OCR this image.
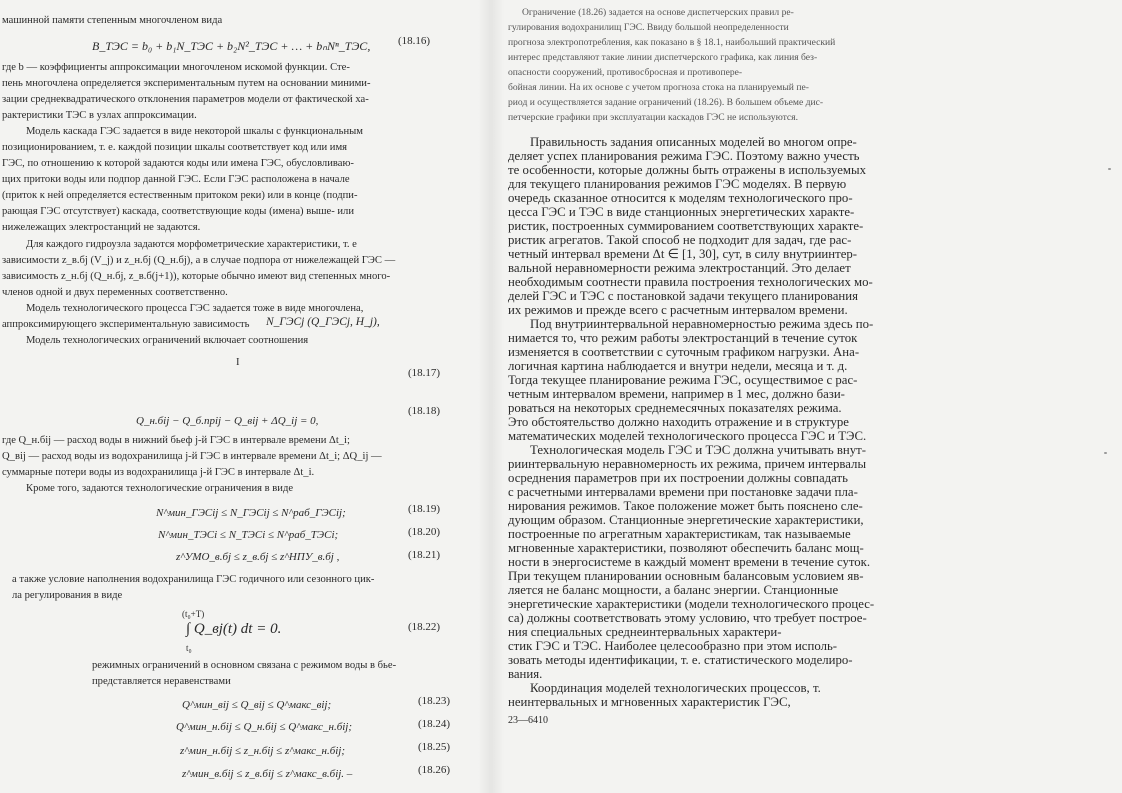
машинной памяти степенным многочленом вида
B_ТЭС = b₀ + b₁N_ТЭС + b₂N²_ТЭС + … + bₙNⁿ_ТЭС,	(18.16)
где b — коэффициенты аппроксимации многочленом искомой функции. Сте-
пень многочлена определяется экспериментальным путем на основании миними-
зации среднеквадратического отклонения параметров модели от фактической ха-
рактеристики ТЭС в узлах аппроксимации.
Модель каскада ГЭС задается в виде некоторой шкалы с функциональным
позиционированием, т. е. каждой позиции шкалы соответствует код или имя
ГЭС, по отношению к которой задаются коды или имена ГЭС, обусловливаю-
щих притоки воды или подпор данной ГЭС. Если ГЭС расположена в начале
(приток к ней определяется естественным притоком реки) или в конце (подпи-
рающая ГЭС отсутствует) каскада, соответствующие коды (имена) выше- или
нижележащих электростанций не задаются.
Для каждого гидроузла задаются морфометрические характеристики, т. е
зависимости z_в.бj (V_j) и z_н.бj (Q_н.бj), а в случае подпора от нижележащей ГЭС —
зависимость z_н.бj (Q_н.бj, z_в.б(j+1)), которые обычно имеют вид степенных много-
членов одной и двух переменных соответственно.
Модель технологического процесса ГЭС задается тоже в виде многочлена,
аппроксимирующего экспериментальную зависимость N_ГЭСj (Q_ГЭСj, H_j),
Модель технологических ограничений включает соотношения
I
(18.17)
(18.18)
Q_н.бij − Q_б.прij − Q_вij + ΔQ_ij = 0,
где Q_н.бij — расход воды в нижний бьеф j-й ГЭС в интервале времени Δt_i;
Q_вij — расход воды из водохранилища j-й ГЭС в интервале времени Δt_i; ΔQ_ij —
суммарные потери воды из водохранилища j-й ГЭС в интервале Δt_i.
Кроме того, задаются технологические ограничения в виде
N^мин_ГЭСij ≤ N_ГЭСij ≤ N^раб_ГЭСij;	(18.19)
N^мин_ТЭСi ≤ N_ТЭСi ≤ N^раб_ТЭСi;	(18.20)
z^УМО_в.бj ≤ z_в.бj ≤ z^НПУ_в.бj ,	(18.21)
а также условие наполнения водохранилища ГЭС годичного или сезонного цик-
ла регулирования в виде
(t₀+T)
∫ Q_вj(t) dt = 0.
t₀
(18.22)
режимных ограничений в основном связана с режимом воды в бье-
представляется неравенствами
Q^мин_вij ≤ Q_вij ≤ Q^макс_вij;	(18.23)
Q^мин_н.бij ≤ Q_н.бij ≤ Q^макс_н.бij;	(18.24)
z^мин_н.бij ≤ z_н.бij ≤ z^макс_н.бij;	(18.25)
z^мин_в.бij ≤ z_в.бij ≤ z^макс_в.бij. –	(18.26)
Ограничение (18.26) задается на основе диспетчерских правил ре-
гулирования водохранилищ ГЭС. Ввиду большой неопределенности
прогноза электропотребления, как показано в § 18.1, наибольший практический
интерес представляют такие линии диспетчерского графика, как линия без-
опасности сооружений, противосбросная и противоперe-
бойная линии. На их основе с учетом прогноза стока на планируемый пе-
риод и осуществляется задание ограничений (18.26). В большем объеме дис-
петчерские графики при эксплуатации каскадов ГЭС не используются.
Правильность задания описанных моделей во многом опре-
деляет успех планирования режима ГЭС. Поэтому важно учесть
те особенности, которые должны быть отражены в используемых
для текущего планирования режимов ГЭС моделях. В первую
очередь сказанное относится к моделям технологического про-
цесса ГЭС и ТЭС в виде станционных энергетических характе-
ристик, построенных суммированием соответствующих характе-
ристик агрегатов. Такой способ не подходит для задач, где рас-
четный интервал времени Δt ∈ [1, 30], сут, в силу внутриинтер-
вальной неравномерности режима электростанций. Это делает
необходимым соотнести правила построения технологических мо-
делей ГЭС и ТЭС с постановкой задачи текущего планирования
их режимов и прежде всего с расчетным интервалом времени.
Под внутриинтервальной неравномерностью режима здесь по-
нимается то, что режим работы электростанций в течение суток
изменяется в соответствии с суточным графиком нагрузки. Ана-
логичная картина наблюдается и внутри недели, месяца и т. д.
Тогда текущее планирование режима ГЭС, осуществимое с рас-
четным интервалом времени, например в 1 мес, должно бази-
роваться на некоторых среднемесячных показателях режима.
Это обстоятельство должно находить отражение и в структуре
математических моделей технологического процесса ГЭС и ТЭС.
Технологическая модель ГЭС и ТЭС должна учитывать внут-
риинтервальную неравномерность их режима, причем интервалы
осреднения параметров при их построении должны совпадать
с расчетными интервалами времени при постановке задачи пла-
нирования режимов. Такое положение может быть пояснено сле-
дующим образом. Станционные энергетические характеристики,
построенные по агрегатным характеристикам, так называемые
мгновенные характеристики, позволяют обеспечить баланс мощ-
ности в энергосистеме в каждый момент времени в течение суток.
При текущем планировании основным балансовым условием яв-
ляется не баланс мощности, а баланс энергии. Станционные
энергетические характеристики (модели технологического процес-
са) должны соответствовать этому условию, что требует построе-
ния специальных среднеинтервальных характери-
стик ГЭС и ТЭС. Наиболее целесообразно при этом исполь-
зовать методы идентификации, т. е. статистического моделиро-
вания.
Координация моделей технологических процессов, т.
неинтервальных и мгновенных характеристик ГЭС,
23—6410
